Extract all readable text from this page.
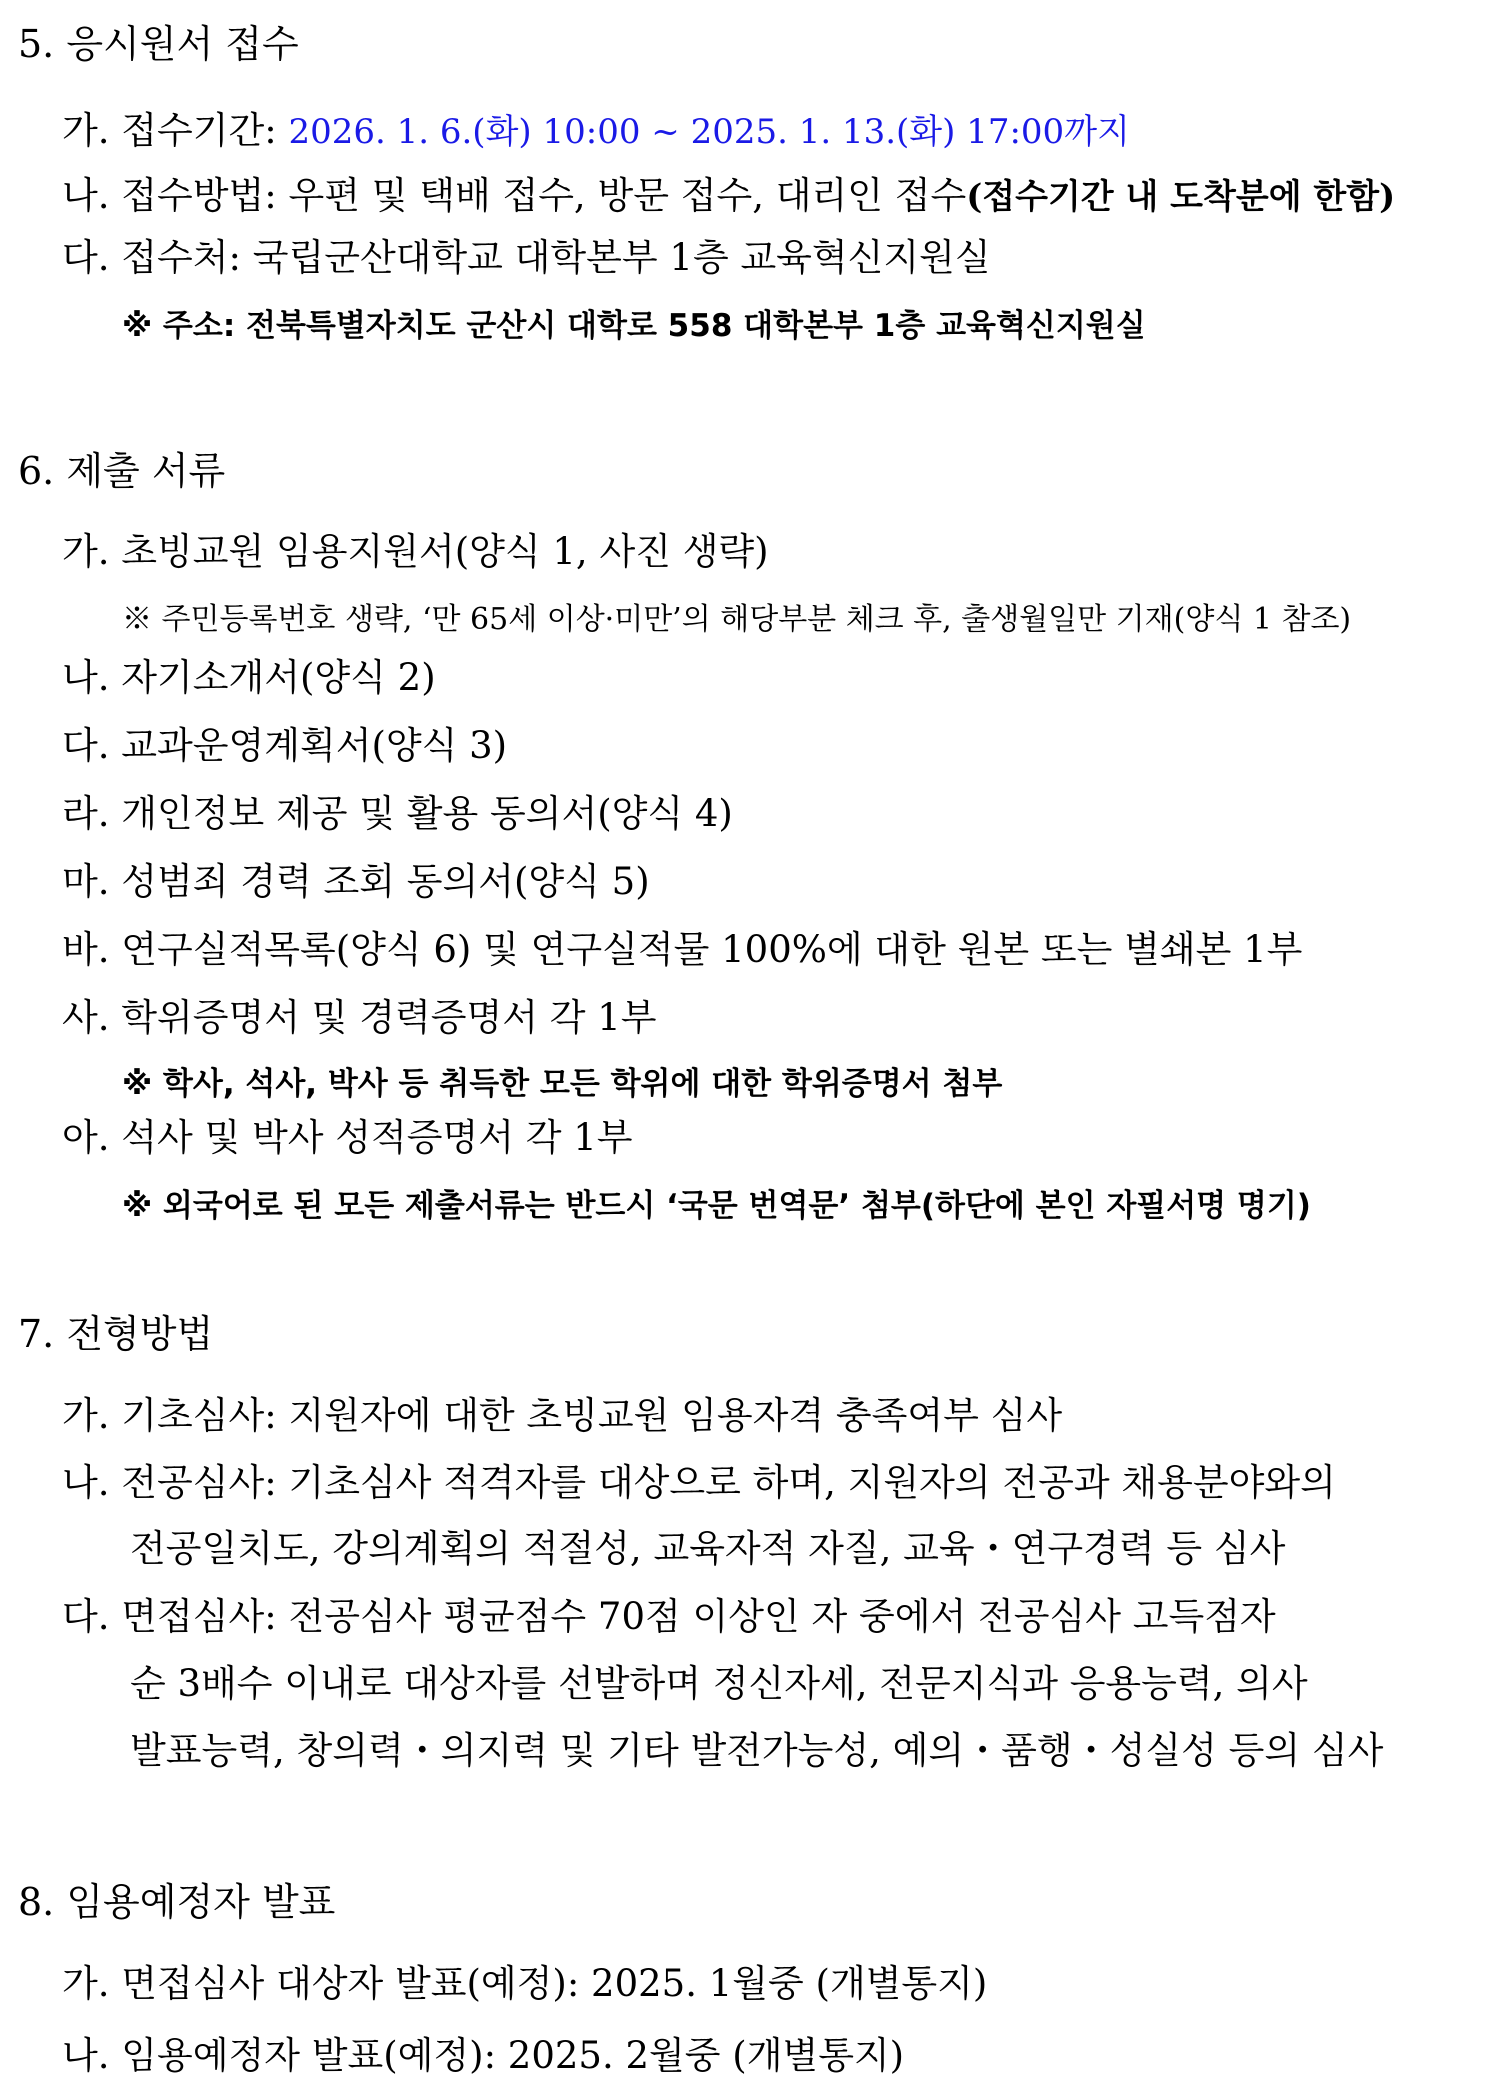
5. 응시원서 접수
가. 접수기간: 2026. 1. 6.(화) 10:00 ~ 2025. 1. 13.(화) 17:00까지
나. 접수방법: 우편 및 택배 접수, 방문 접수, 대리인 접수(접수기간 내 도착분에 한함)
다. 접수처: 국립군산대학교 대학본부 1층 교육혁신지원실
※ 주소: 전북특별자치도 군산시 대학로 558 대학본부 1층 교육혁신지원실
6. 제출 서류
가. 초빙교원 임용지원서(양식 1, 사진 생략)
※ 주민등록번호 생략, ‘만 65세 이상·미만’의 해당부분 체크 후, 출생월일만 기재(양식 1 참조)
나. 자기소개서(양식 2)
다. 교과운영계획서(양식 3)
라. 개인정보 제공 및 활용 동의서(양식 4)
마. 성범죄 경력 조회 동의서(양식 5)
바. 연구실적목록(양식 6) 및 연구실적물 100%에 대한 원본 또는 별쇄본 1부
사. 학위증명서 및 경력증명서 각 1부
※ 학사, 석사, 박사 등 취득한 모든 학위에 대한 학위증명서 첨부
아. 석사 및 박사 성적증명서 각 1부
※ 외국어로 된 모든 제출서류는 반드시 ‘국문 번역문’ 첨부(하단에 본인 자필서명 명기)
7. 전형방법
가. 기초심사: 지원자에 대한 초빙교원 임용자격 충족여부 심사
나. 전공심사: 기초심사 적격자를 대상으로 하며, 지원자의 전공과 채용분야와의
전공일치도, 강의계획의 적절성, 교육자적 자질, 교육・연구경력 등 심사
다. 면접심사: 전공심사 평균점수 70점 이상인 자 중에서 전공심사 고득점자
순 3배수 이내로 대상자를 선발하며 정신자세, 전문지식과 응용능력, 의사
발표능력, 창의력・의지력 및 기타 발전가능성, 예의・품행・성실성 등의 심사
8. 임용예정자 발표
가. 면접심사 대상자 발표(예정): 2025. 1월중 (개별통지)
나. 임용예정자 발표(예정): 2025. 2월중 (개별통지)
